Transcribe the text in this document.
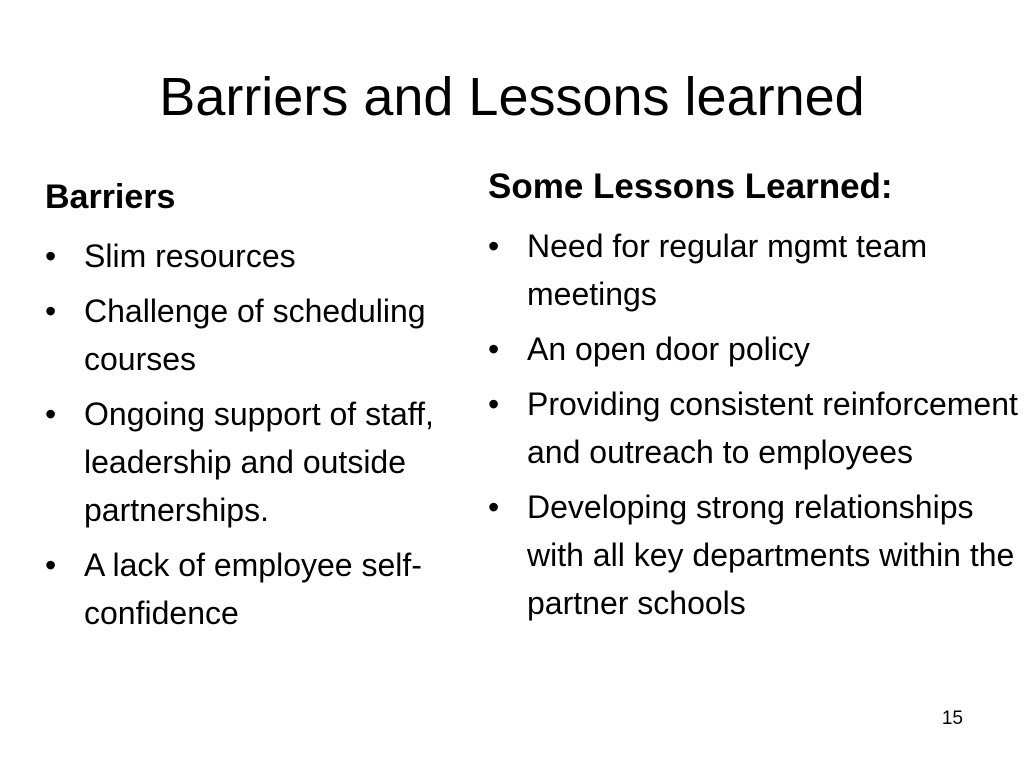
Barriers and Lessons learned
Barriers
• Slim resources
• Challenge of scheduling courses
• Ongoing support of staff, leadership and outside partnerships.
• A lack of employee self-confidence
Some Lessons Learned:
• Need for regular mgmt team meetings
• An open door policy
• Providing consistent reinforcement and outreach to employees
• Developing strong relationships with all key departments within the partner schools
15
